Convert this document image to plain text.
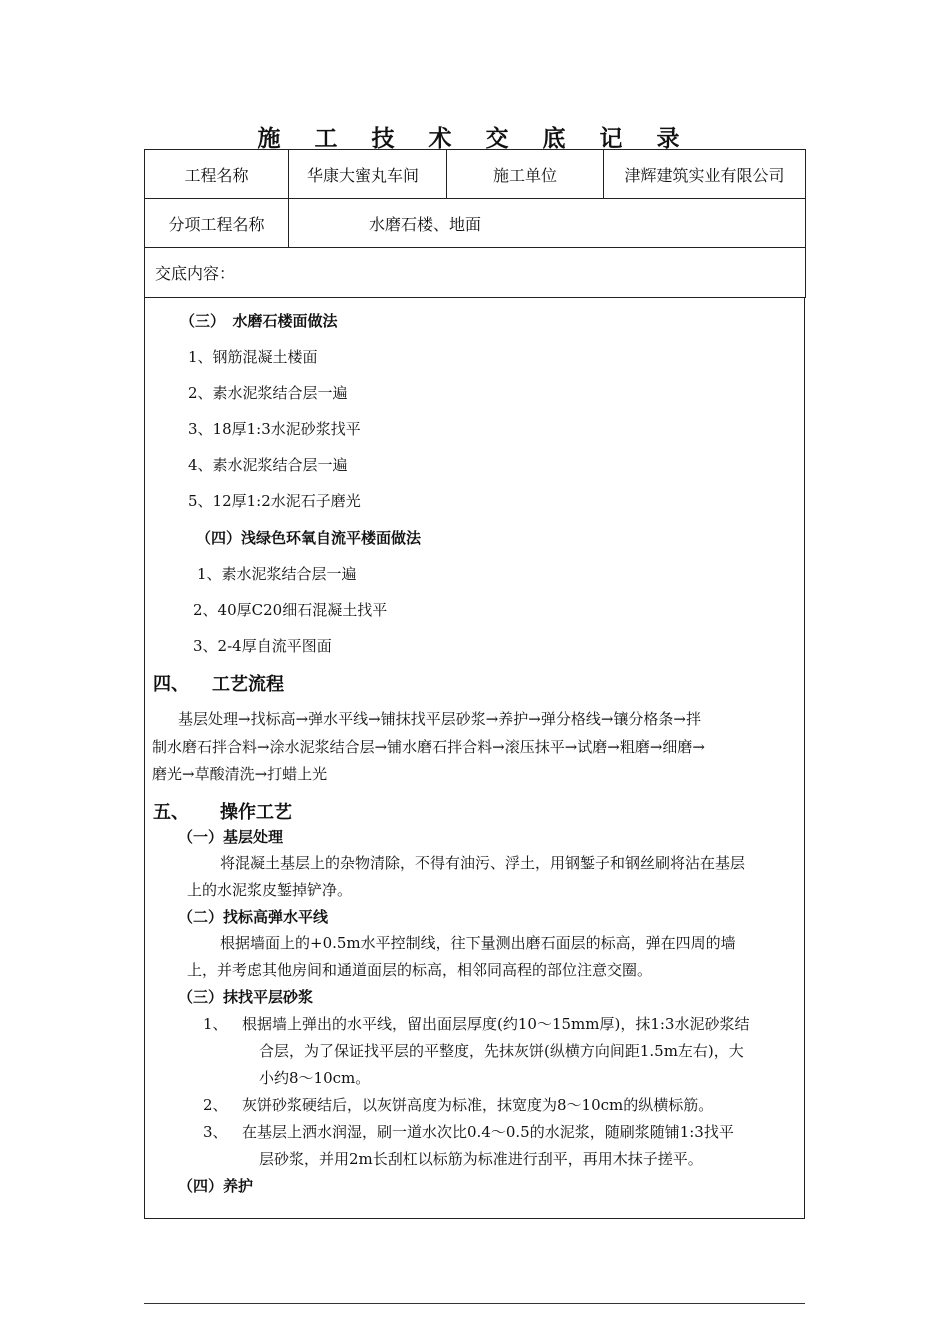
施 工 技 术 交 底 记 录
工程名称	华康大蜜丸车间	施工单位	津辉建筑实业有限公司
分项工程名称	水磨石楼、地面		
交底内容：			
（三）　水磨石楼面做法
1、钢筋混凝土楼面
2、素水泥浆结合层一遍
3、18厚1:3水泥砂浆找平
4、素水泥浆结合层一遍
5、12厚1:2水泥石子磨光
（四）浅绿色环氧自流平楼面做法
1、素水泥浆结合层一遍
2、40厚C20细石混凝土找平
3、2-4厚自流平图面
四、 工艺流程
基层处理→找标高→弹水平线→铺抹找平层砂浆→养护→弹分格线→镶分格条→拌
制水磨石拌合料→涂水泥浆结合层→铺水磨石拌合料→滚压抹平→试磨→粗磨→细磨→
磨光→草酸清洗→打蜡上光
五、 操作工艺
（一）基层处理
将混凝土基层上的杂物清除，不得有油污、浮土，用钢錾子和钢丝刷将沾在基层
上的水泥浆皮錾掉铲净。
（二）找标高弹水平线
根据墙面上的+0.5m水平控制线，往下量测出磨石面层的标高，弹在四周的墙
上，并考虑其他房间和通道面层的标高，相邻同高程的部位注意交圈。
（三）抹找平层砂浆
1、 根据墙上弹出的水平线，留出面层厚度(约10～15mm厚)，抹1:3水泥砂浆结
合层，为了保证找平层的平整度，先抹灰饼(纵横方向间距1.5m左右)，大
小约8～10cm。
2、 灰饼砂浆硬结后，以灰饼高度为标准，抹宽度为8～10cm的纵横标筋。
3、 在基层上洒水润湿，刷一道水次比0.4～0.5的水泥浆，随刷浆随铺1:3找平
层砂浆，并用2m长刮杠以标筋为标准进行刮平，再用木抹子搓平。
（四）养护
